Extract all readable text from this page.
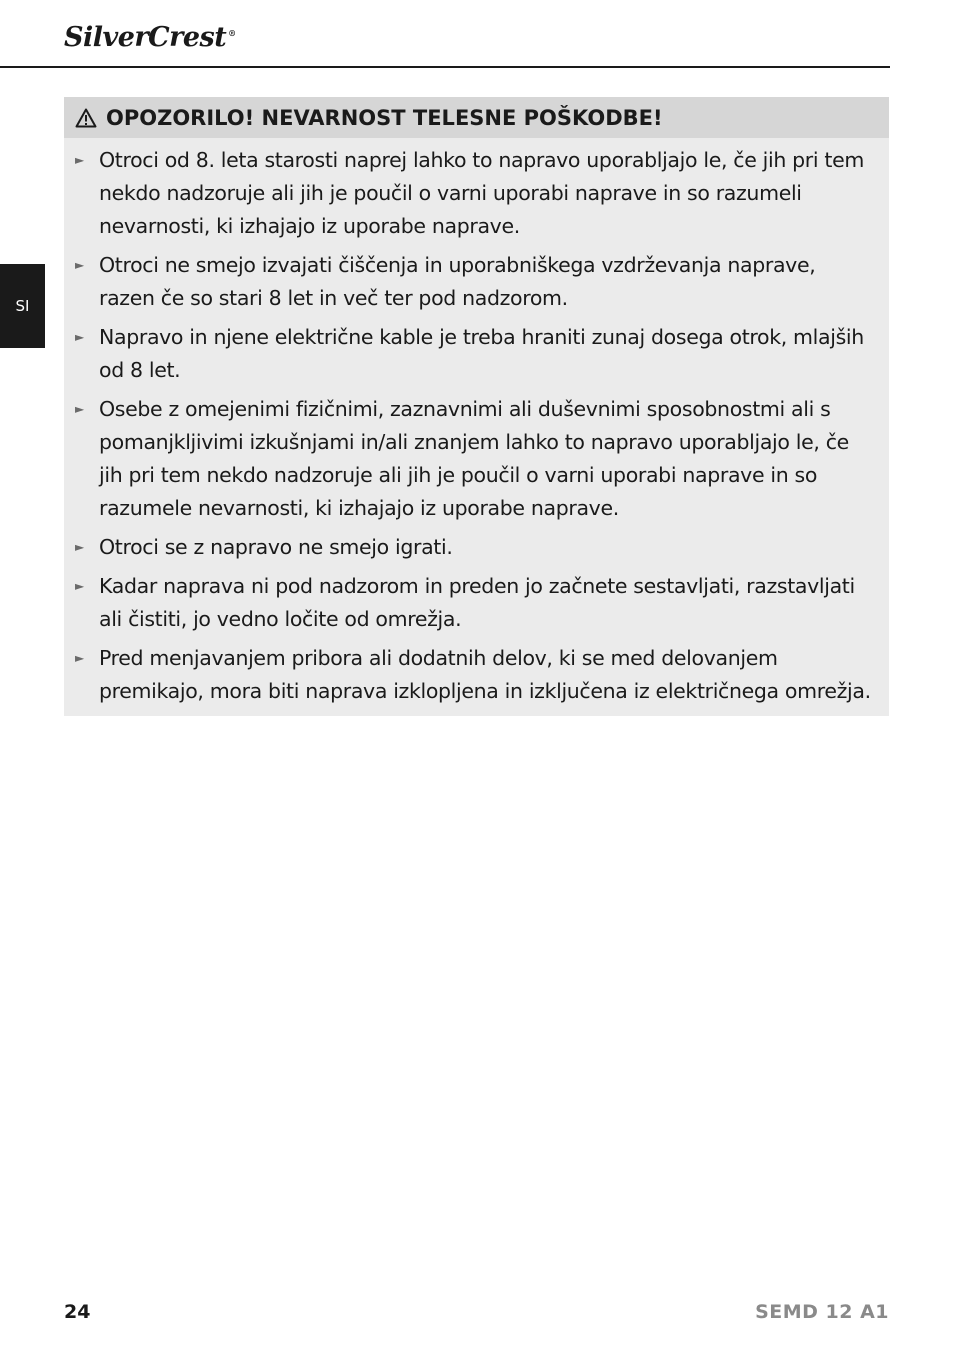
SilverCrest ®
SI
OPOZORILO! NEVARNOST TELESNE POŠKODBE!
► Otroci od 8. leta starosti naprej lahko to napravo uporabljajo le, če jih pri tem nekdo nadzoruje ali jih je poučil o varni uporabi naprave in so razumeli nevarnosti, ki izhajajo iz uporabe naprave.
► Otroci ne smejo izvajati čiščenja in uporabniškega vzdrževanja naprave, razen če so stari 8 let in več ter pod nadzorom.
► Napravo in njene električne kable je treba hraniti zunaj dosega otrok, mlajših od 8 let.
► Osebe z omejenimi fizičnimi, zaznavnimi ali duševnimi sposobnostmi ali s pomanjkljivimi izkušnjami in/ali znanjem lahko to napravo uporabljajo le, če jih pri tem nekdo nadzoruje ali jih je poučil o varni uporabi naprave in so razumele nevarnosti, ki izhajajo iz uporabe naprave.
► Otroci se z napravo ne smejo igrati.
► Kadar naprava ni pod nadzorom in preden jo začnete sestavljati, razstavljati ali čistiti, jo vedno ločite od omrežja.
► Pred menjavanjem pribora ali dodatnih delov, ki se med delovanjem premikajo, mora biti naprava izklopljena in izključena iz električnega omrežja.
24	SEMD 12 A1
